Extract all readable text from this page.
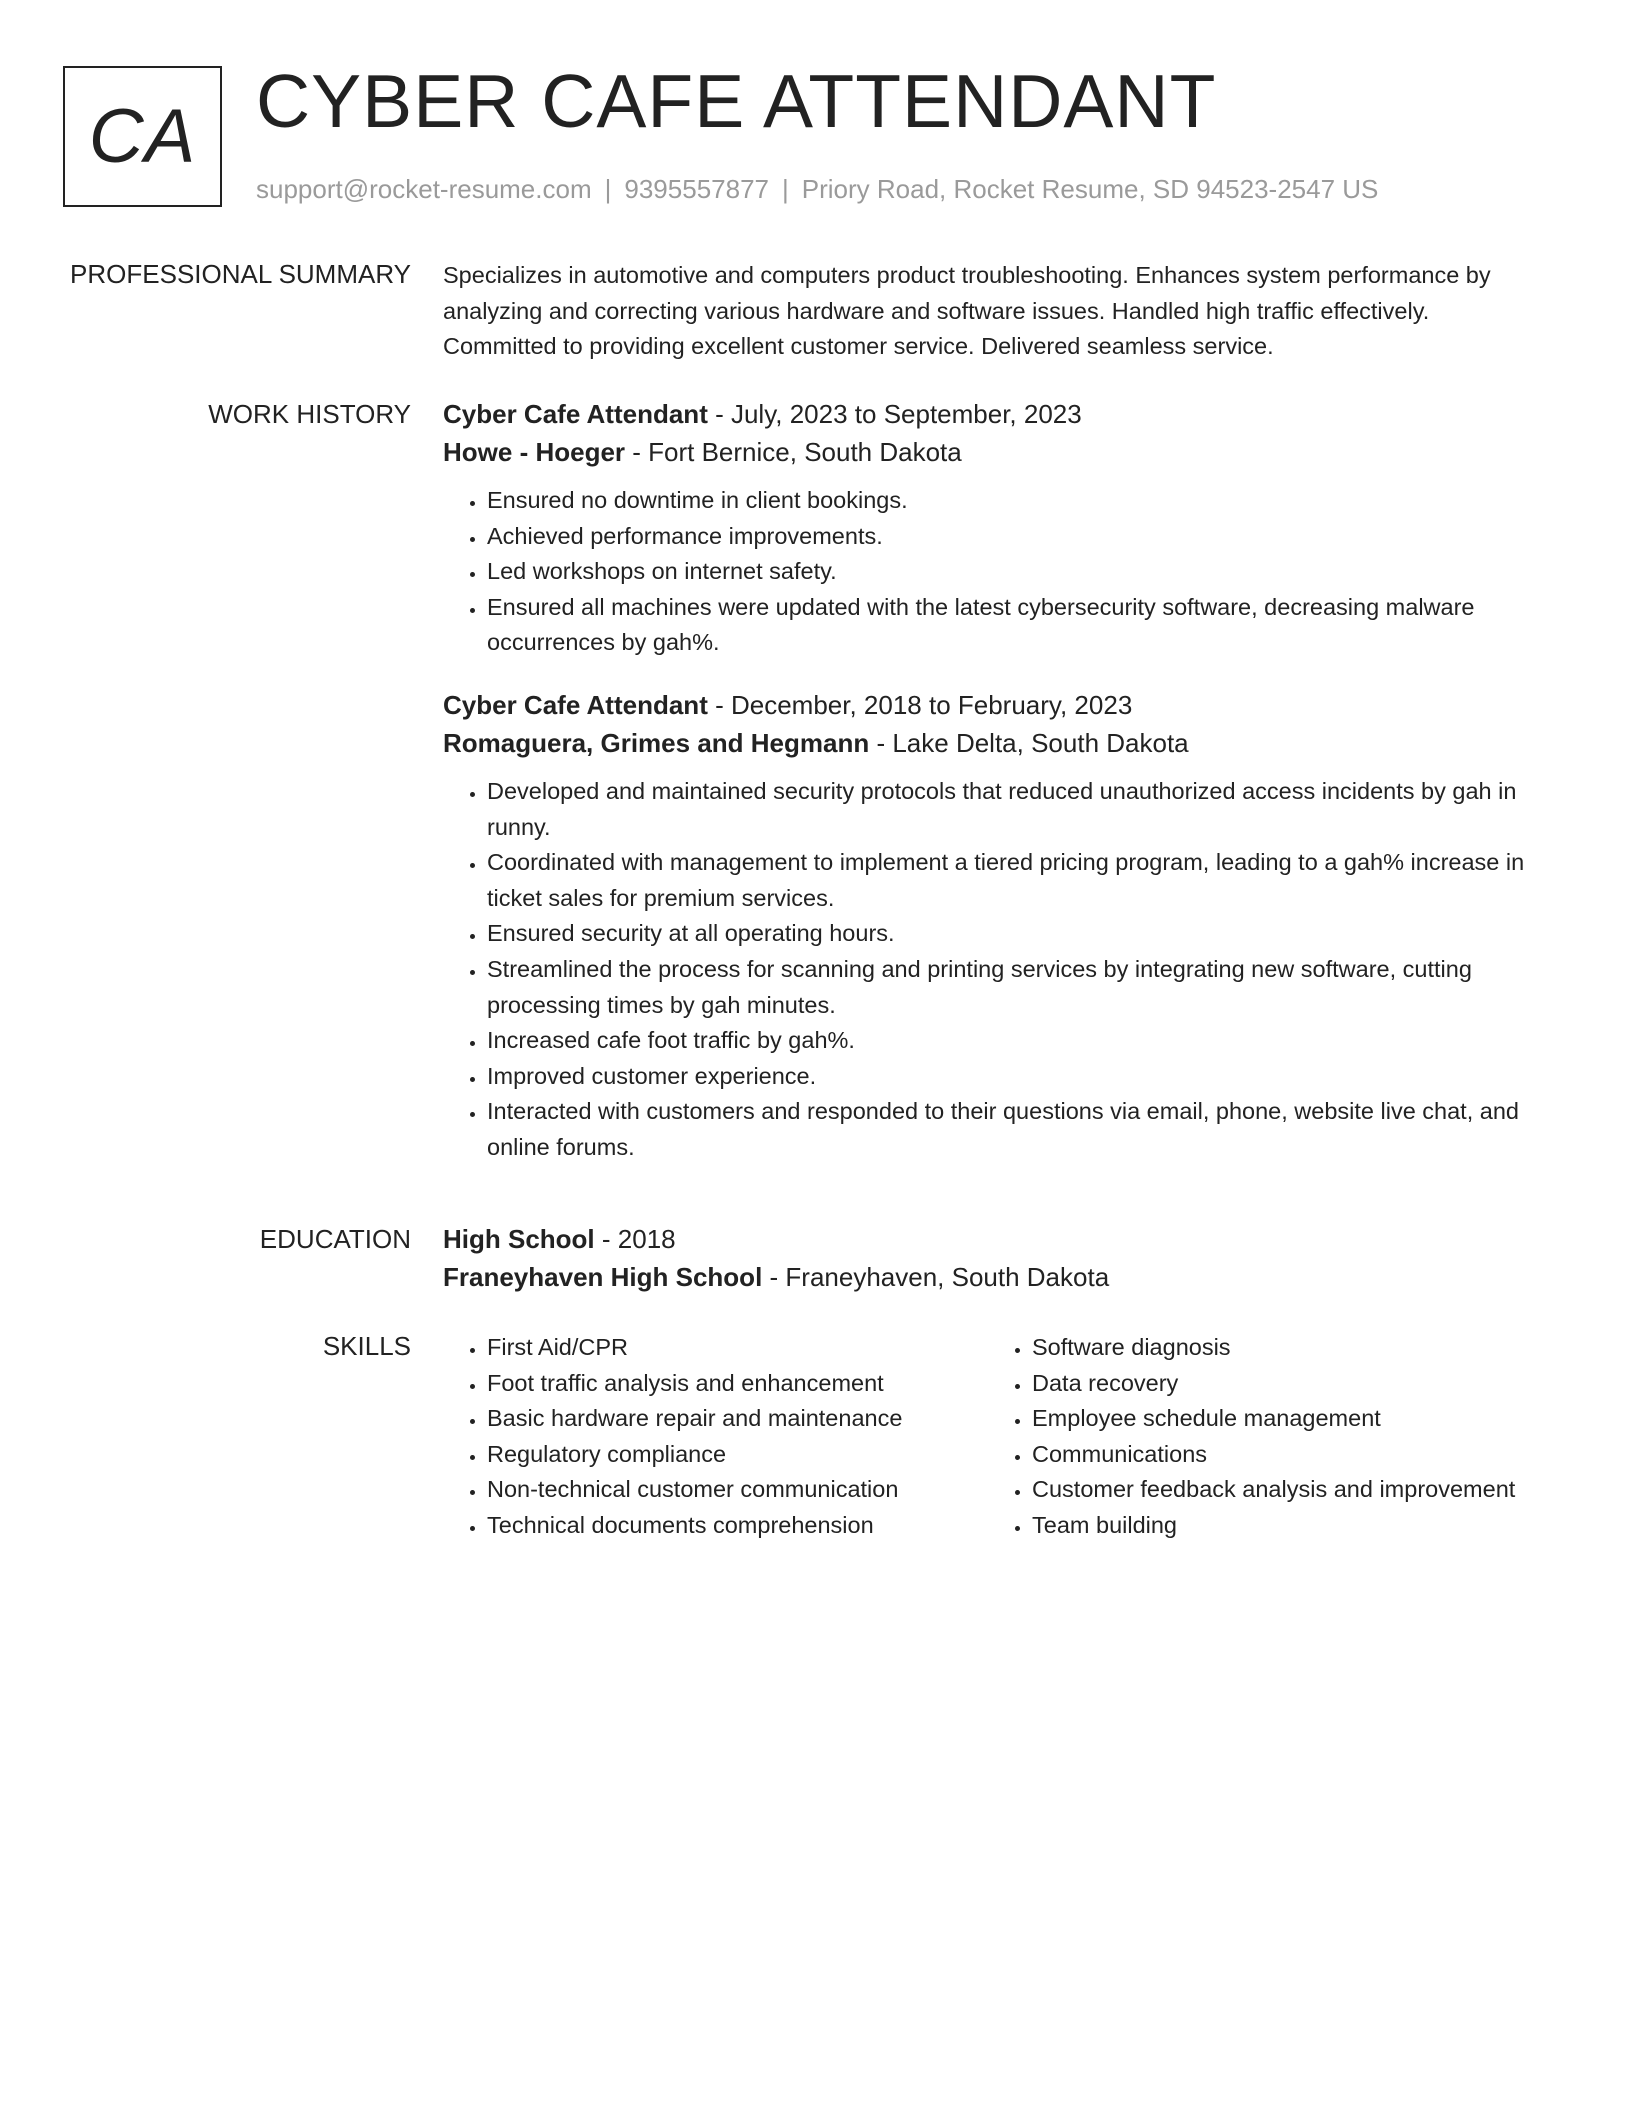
CA CYBER CAFE ATTENDANT
support@rocket-resume.com | 9395557877 | Priory Road, Rocket Resume, SD 94523-2547 US
PROFESSIONAL SUMMARY Specializes in automotive and computers product troubleshooting. Enhances system performance by analyzing and correcting various hardware and software issues. Handled high traffic effectively. Committed to providing excellent customer service. Delivered seamless service.

WORK HISTORY Cyber Cafe Attendant - July, 2023 to September, 2023

Howe - Hoeger - Fort Bernice, South Dakota

• Ensured no downtime in client bookings.
• Achieved performance improvements.
• Led workshops on internet safety.
• Ensured all machines were updated with the latest cybersecurity software, decreasing malware occurrences by gah%.

Cyber Cafe Attendant - December, 2018 to February, 2023

Romaguera, Grimes and Hegmann - Lake Delta, South Dakota

• Developed and maintained security protocols that reduced unauthorized access incidents by gah in runny.
• Coordinated with management to implement a tiered pricing program, leading to a gah% increase in ticket sales for premium services.
• Ensured security at all operating hours.
• Streamlined the process for scanning and printing services by integrating new software, cutting processing times by gah minutes.
• Increased cafe foot traffic by gah%.
• Improved customer experience.
• Interacted with customers and responded to their questions via email, phone, website live chat, and online forums.
EDUCATION High School - 2018

Franeyhaven High School - Franeyhaven, South Dakota

SKILLS
•	First Aid/CPR
• Foot traffic analysis and enhancement
• Basic hardware repair and maintenance
• Regulatory compliance
• Non-technical customer communication
• Technical documents comprehension
• Software diagnosis
• Data recovery
• Employee schedule management
• Communications
• Customer feedback analysis and improvement
• Team building
